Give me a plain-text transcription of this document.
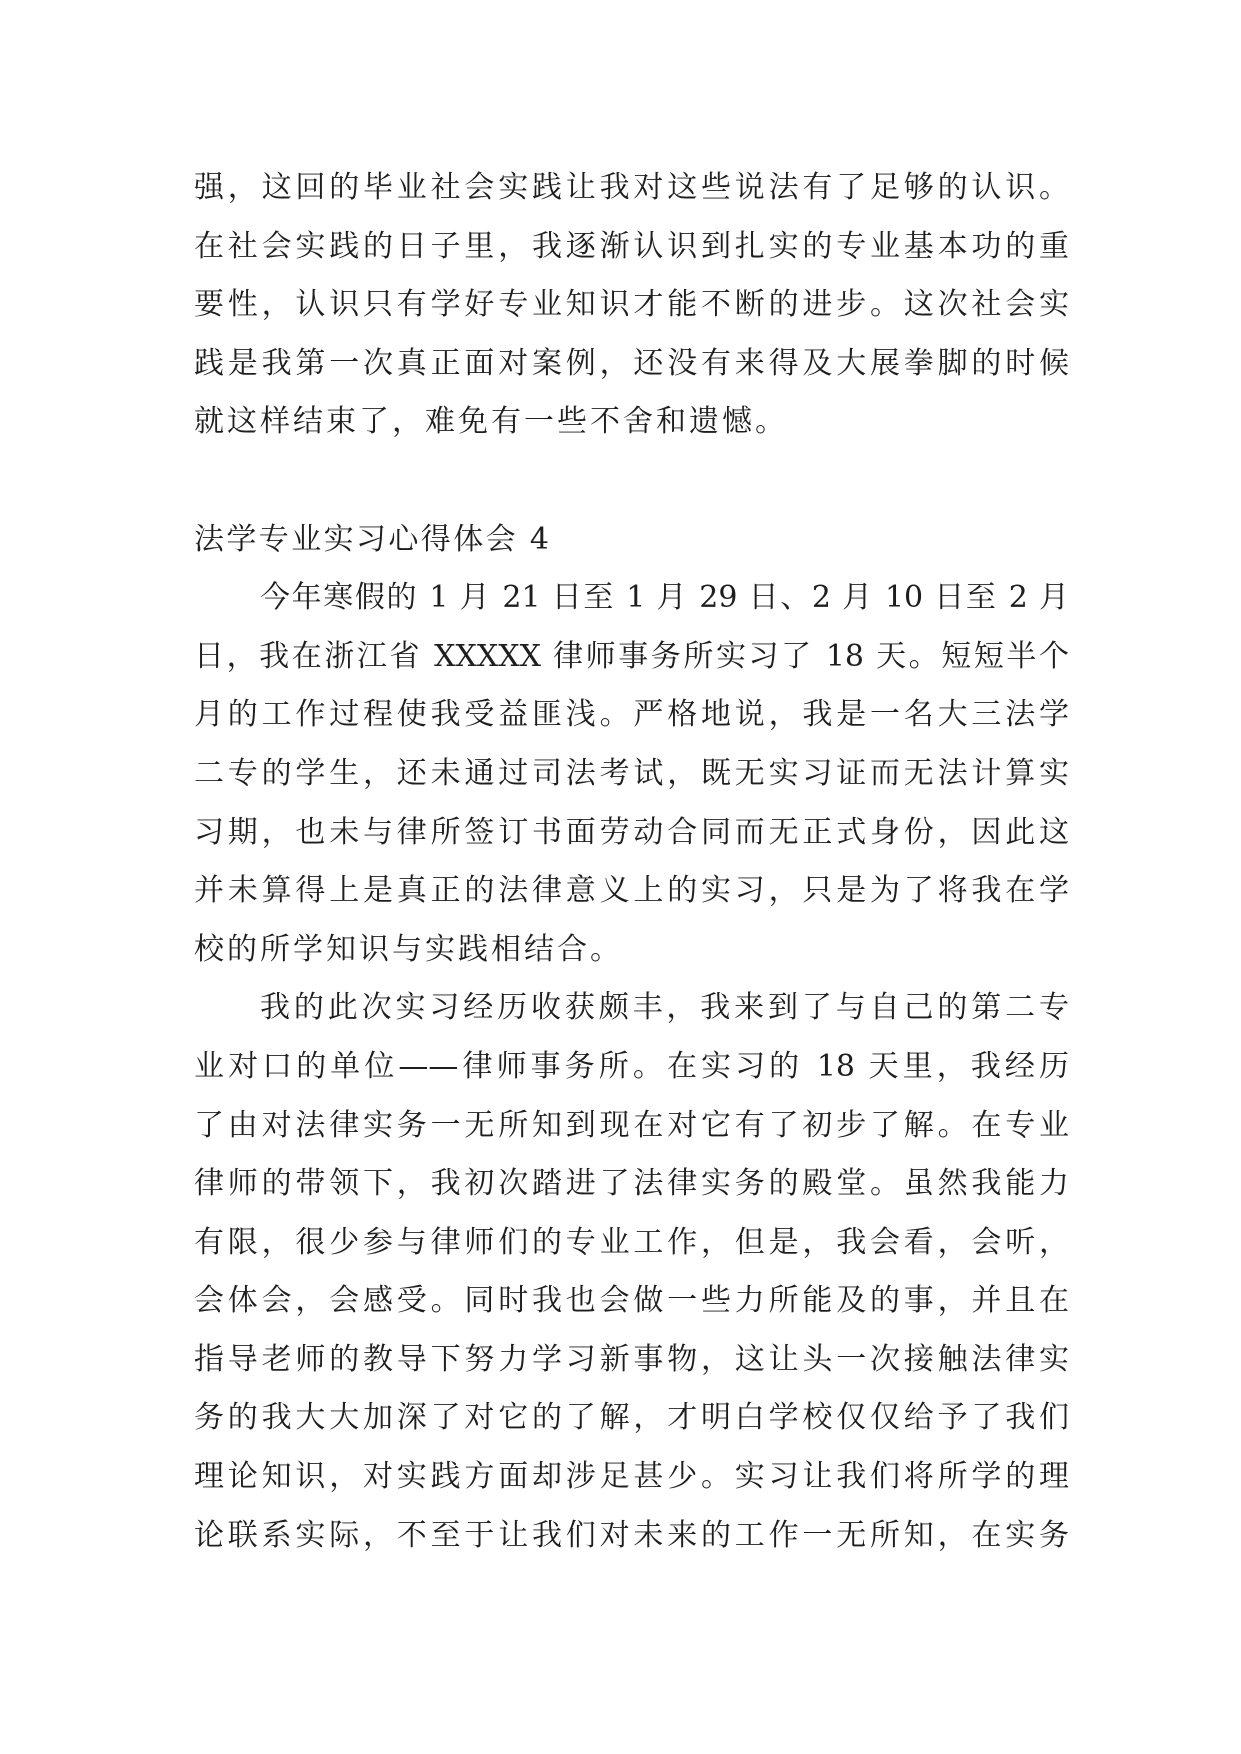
强，这回的毕业社会实践让我对这些说法有了足够的认识。
在社会实践的日子里，我逐渐认识到扎实的专业基本功的重
要性，认识只有学好专业知识才能不断的进步。这次社会实
践是我第一次真正面对案例，还没有来得及大展拳脚的时候
就这样结束了，难免有一些不舍和遗憾。
法学专业实习心得体会 4
今年寒假的 1 月 21 日至 1 月 29 日、2 月 10 日至 2 月
日，我在浙江省 XXXXX 律师事务所实习了 18 天。短短半个
月的工作过程使我受益匪浅。严格地说，我是一名大三法学
二专的学生，还未通过司法考试，既无实习证而无法计算实
习期，也未与律所签订书面劳动合同而无正式身份，因此这
并未算得上是真正的法律意义上的实习，只是为了将我在学
校的所学知识与实践相结合。
我的此次实习经历收获颇丰，我来到了与自己的第二专
业对口的单位——律师事务所。在实习的 18 天里，我经历
了由对法律实务一无所知到现在对它有了初步了解。在专业
律师的带领下，我初次踏进了法律实务的殿堂。虽然我能力
有限，很少参与律师们的专业工作，但是，我会看，会听，
会体会，会感受。同时我也会做一些力所能及的事，并且在
指导老师的教导下努力学习新事物，这让头一次接触法律实
务的我大大加深了对它的了解，才明白学校仅仅给予了我们
理论知识，对实践方面却涉足甚少。实习让我们将所学的理
论联系实际，不至于让我们对未来的工作一无所知，在实务
